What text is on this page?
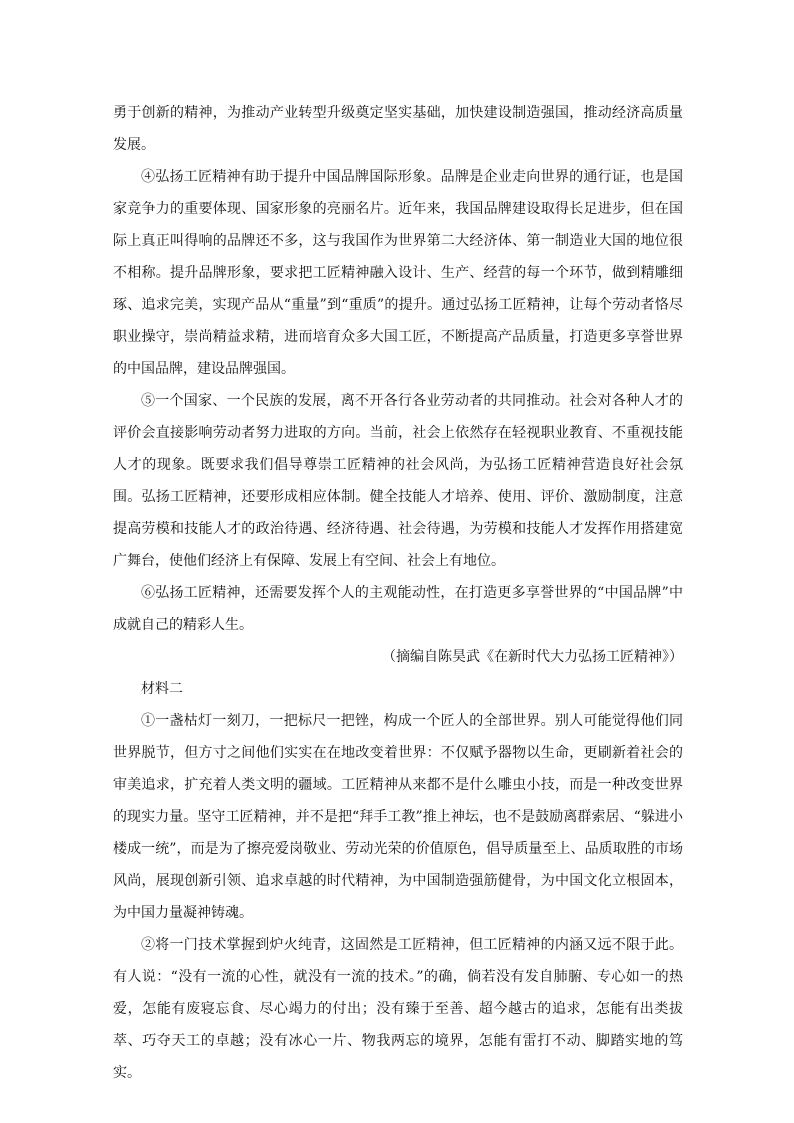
勇于创新的精神，为推动产业转型升级奠定坚实基础，加快建设制造强国，推动经济高质量发展。

④弘扬工匠精神有助于提升中国品牌国际形象。品牌是企业走向世界的通行证，也是国家竞争力的重要体现、国家形象的亮丽名片。近年来，我国品牌建设取得长足进步，但在国际上真正叫得响的品牌还不多，这与我国作为世界第二大经济体、第一制造业大国的地位很不相称。提升品牌形象，要求把工匠精神融入设计、生产、经营的每一个环节，做到精雕细琢、追求完美，实现产品从“重量”到“重质”的提升。通过弘扬工匠精神，让每个劳动者恪尽职业操守，崇尚精益求精，进而培育众多大国工匠，不断提高产品质量，打造更多享誉世界的中国品牌，建设品牌强国。

⑤一个国家、一个民族的发展，离不开各行各业劳动者的共同推动。社会对各种人才的评价会直接影响劳动者努力进取的方向。当前，社会上依然存在轻视职业教育、不重视技能人才的现象。既要求我们倡导尊崇工匠精神的社会风尚，为弘扬工匠精神营造良好社会氛围。弘扬工匠精神，还要形成相应体制。健全技能人才培养、使用、评价、激励制度，注意提高劳模和技能人才的政治待遇、经济待遇、社会待遇，为劳模和技能人才发挥作用搭建宽广舞台，使他们经济上有保障、发展上有空间、社会上有地位。

⑥弘扬工匠精神，还需要发挥个人的主观能动性，在打造更多享誉世界的“中国品牌”中成就自己的精彩人生。

（摘编自陈昊武《在新时代大力弘扬工匠精神》）

材料二

①一盏枯灯一刻刀，一把标尺一把锉，构成一个匠人的全部世界。别人可能觉得他们同世界脱节，但方寸之间他们实实在在地改变着世界：不仅赋予器物以生命，更刷新着社会的审美追求，扩充着人类文明的疆域。工匠精神从来都不是什么雕虫小技，而是一种改变世界的现实力量。坚守工匠精神，并不是把“拜手工教”推上神坛，也不是鼓励离群索居、“躲进小楼成一统”，而是为了擦亮爱岗敬业、劳动光荣的价值原色，倡导质量至上、品质取胜的市场风尚，展现创新引领、追求卓越的时代精神，为中国制造强筋健骨，为中国文化立根固本，为中国力量凝神铸魂。

②将一门技术掌握到炉火纯青，这固然是工匠精神，但工匠精神的内涵又远不限于此。有人说：“没有一流的心性，就没有一流的技术。”的确，倘若没有发自肺腑、专心如一的热爱，怎能有废寝忘食、尽心竭力的付出；没有臻于至善、超今越古的追求，怎能有出类拔萃、巧夺天工的卓越；没有冰心一片、物我两忘的境界，怎能有雷打不动、脚踏实地的笃实。
